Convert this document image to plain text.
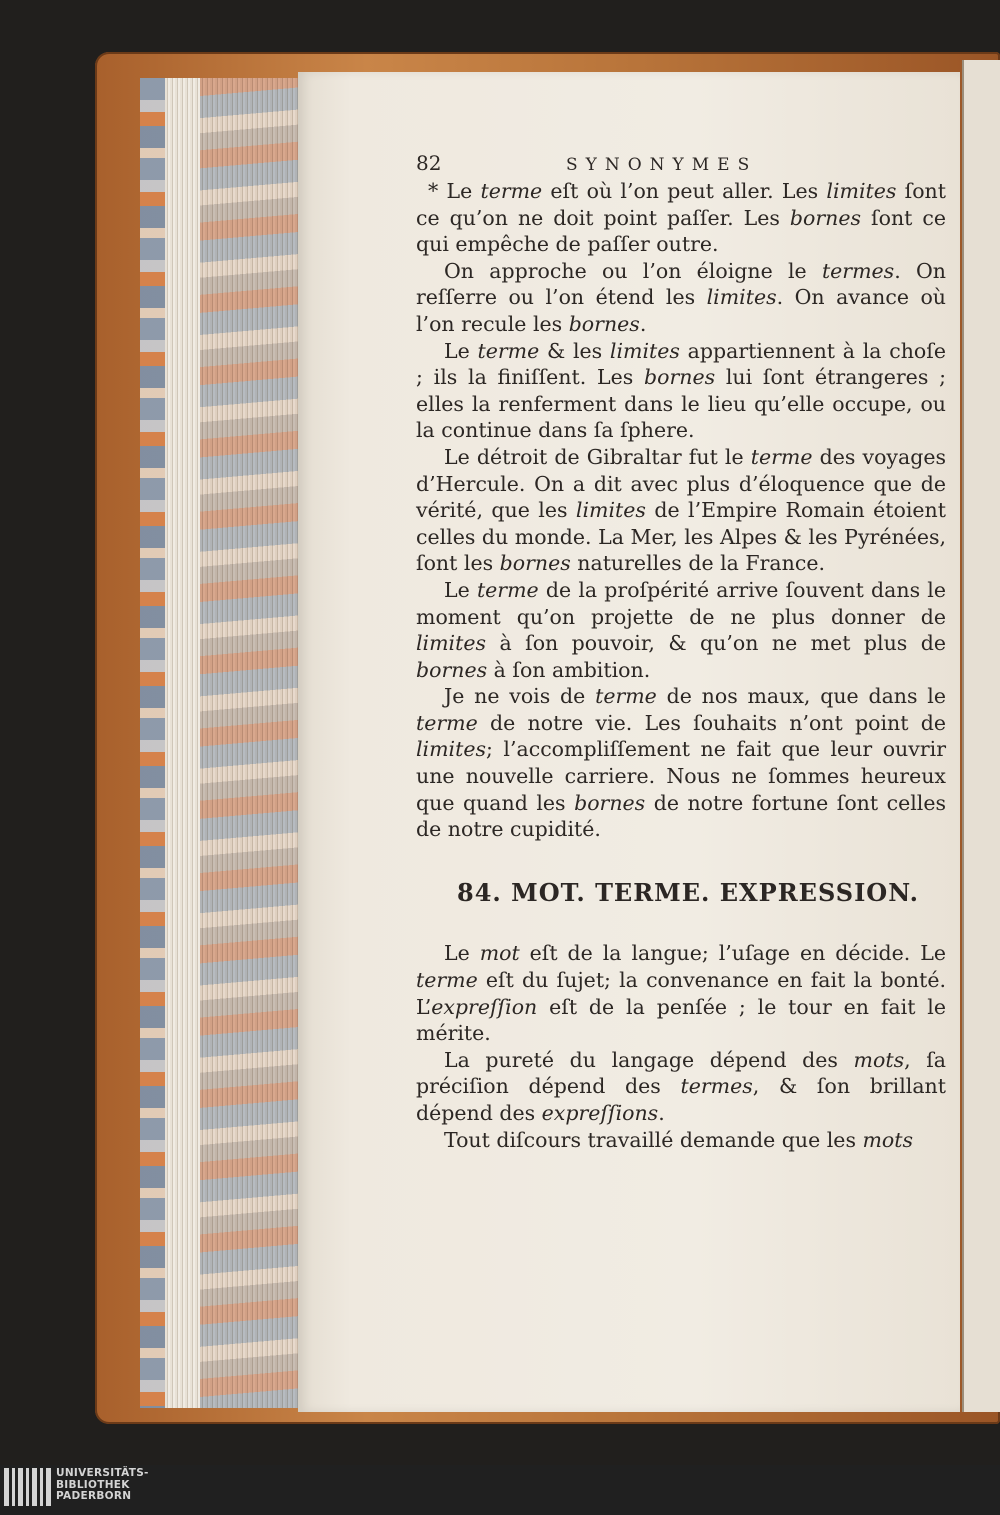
82	SYNONYMES

* Le terme eſt où l’on peut aller. Les limites ſont ce qu’on ne doit point paſſer. Les bornes ſont ce qui empêche de paſſer outre.

On approche ou l’on éloigne le termes. On reſſerre ou l’on étend les limites. On avance où l’on recule les bornes.

Le terme & les limites appartiennent à la choſe ; ils la finiſſent. Les bornes lui ſont étrangeres ; elles la renferment dans le lieu qu’elle occupe, ou la continue dans ſa ſphere.

Le détroit de Gibraltar fut le terme des voyages d’Hercule. On a dit avec plus d’éloquence que de vérité, que les limites de l’Empire Romain étoient celles du monde. La Mer, les Alpes & les Pyrénées, ſont les bornes naturelles de la France.

Le terme de la proſpérité arrive ſouvent dans le moment qu’on projette de ne plus donner de limites à ſon pouvoir, & qu’on ne met plus de bornes à ſon ambition.

Je ne vois de terme de nos maux, que dans le terme de notre vie. Les ſouhaits n’ont point de limites; l’accompliſſement ne fait que leur ouvrir une nouvelle carriere. Nous ne ſommes heureux que quand les bornes de notre fortune ſont celles de notre cupidité.

84. MOT. TERME. EXPRESSION.

Le mot eſt de la langue; l’uſage en décide. Le terme eſt du ſujet; la convenance en fait la bonté. L’expreſſion eſt de la penſée ; le tour en fait le mérite.

La pureté du langage dépend des mots, ſa préciſion dépend des termes, & ſon brillant dépend des expreſſions.

Tout diſcours travaillé demande que les mots

UNIVERSITÄTS-
BIBLIOTHEK
PADERBORN
